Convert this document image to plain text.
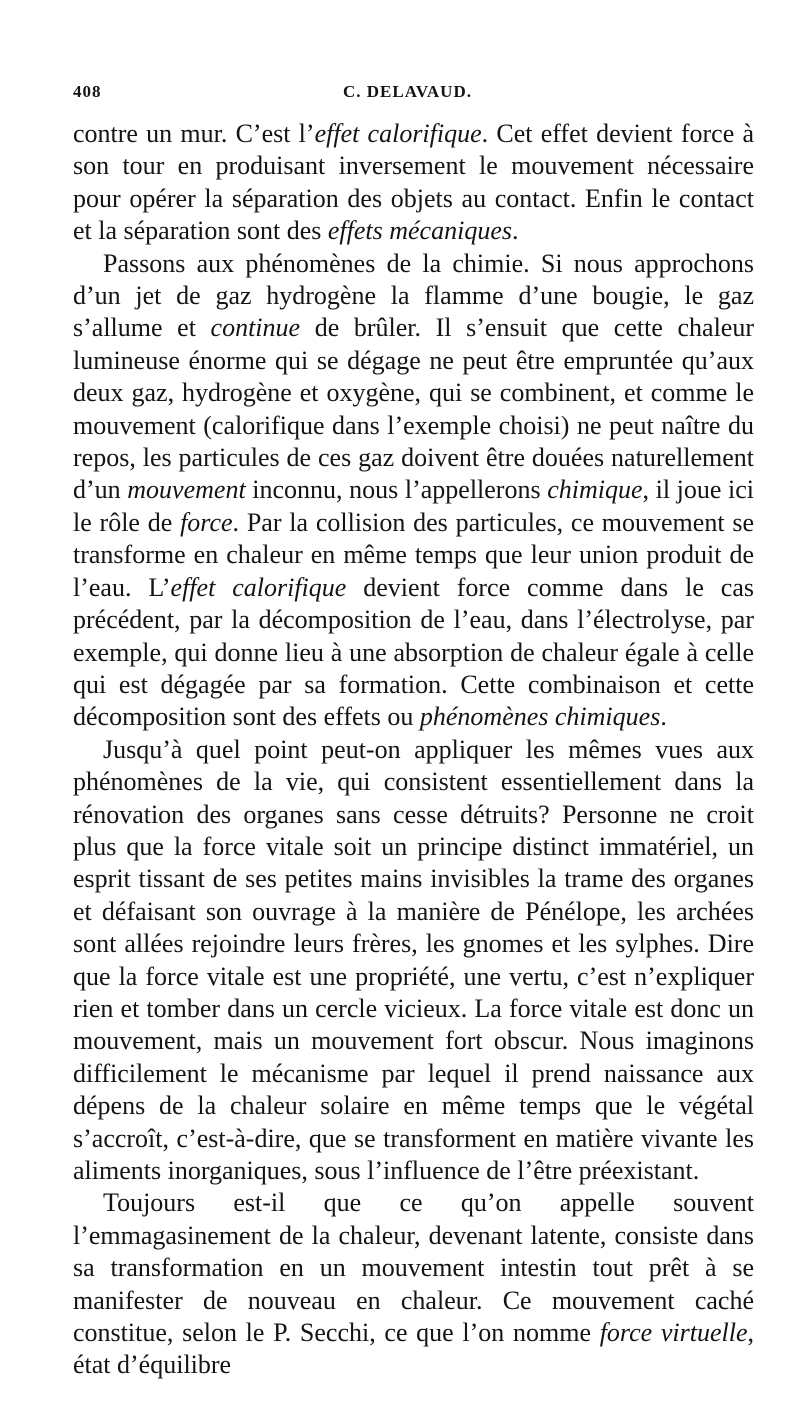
408	C. DELAVAUD.

contre un mur. C’est l’effet calorifique. Cet effet devient force à son tour en produisant inversement le mouvement nécessaire pour opérer la séparation des objets au contact. Enfin le contact et la séparation sont des effets mécaniques.

Passons aux phénomènes de la chimie. Si nous approchons d’un jet de gaz hydrogène la flamme d’une bougie, le gaz s’allume et continue de brûler. Il s’ensuit que cette chaleur lumineuse énorme qui se dégage ne peut être empruntée qu’aux deux gaz, hydrogène et oxygène, qui se combinent, et comme le mouvement (calorifique dans l’exemple choisi) ne peut naître du repos, les particules de ces gaz doivent être douées naturellement d’un mouvement inconnu, nous l’appellerons chimique, il joue ici le rôle de force. Par la collision des particules, ce mouvement se transforme en chaleur en même temps que leur union produit de l’eau. L’effet calorifique devient force comme dans le cas précédent, par la décomposition de l’eau, dans l’électrolyse, par exemple, qui donne lieu à une absorption de chaleur égale à celle qui est dégagée par sa formation. Cette combinaison et cette décomposition sont des effets ou phénomènes chimiques.

Jusqu’à quel point peut-on appliquer les mêmes vues aux phénomènes de la vie, qui consistent essentiellement dans la rénovation des organes sans cesse détruits? Personne ne croit plus que la force vitale soit un principe distinct immatériel, un esprit tissant de ses petites mains invisibles la trame des organes et défaisant son ouvrage à la manière de Pénélope, les archées sont allées rejoindre leurs frères, les gnomes et les sylphes. Dire que la force vitale est une propriété, une vertu, c’est n’expliquer rien et tomber dans un cercle vicieux. La force vitale est donc un mouvement, mais un mouvement fort obscur. Nous imaginons difficilement le mécanisme par lequel il prend naissance aux dépens de la chaleur solaire en même temps que le végétal s’accroît, c’est-à-dire, que se transforment en matière vivante les aliments inorganiques, sous l’influence de l’être préexistant.

Toujours est-il que ce qu’on appelle souvent l’emmagasinement de la chaleur, devenant latente, consiste dans sa transformation en un mouvement intestin tout prêt à se manifester de nouveau en chaleur. Ce mouvement caché constitue, selon le P. Secchi, ce que l’on nomme force virtuelle, état d’équilibre
